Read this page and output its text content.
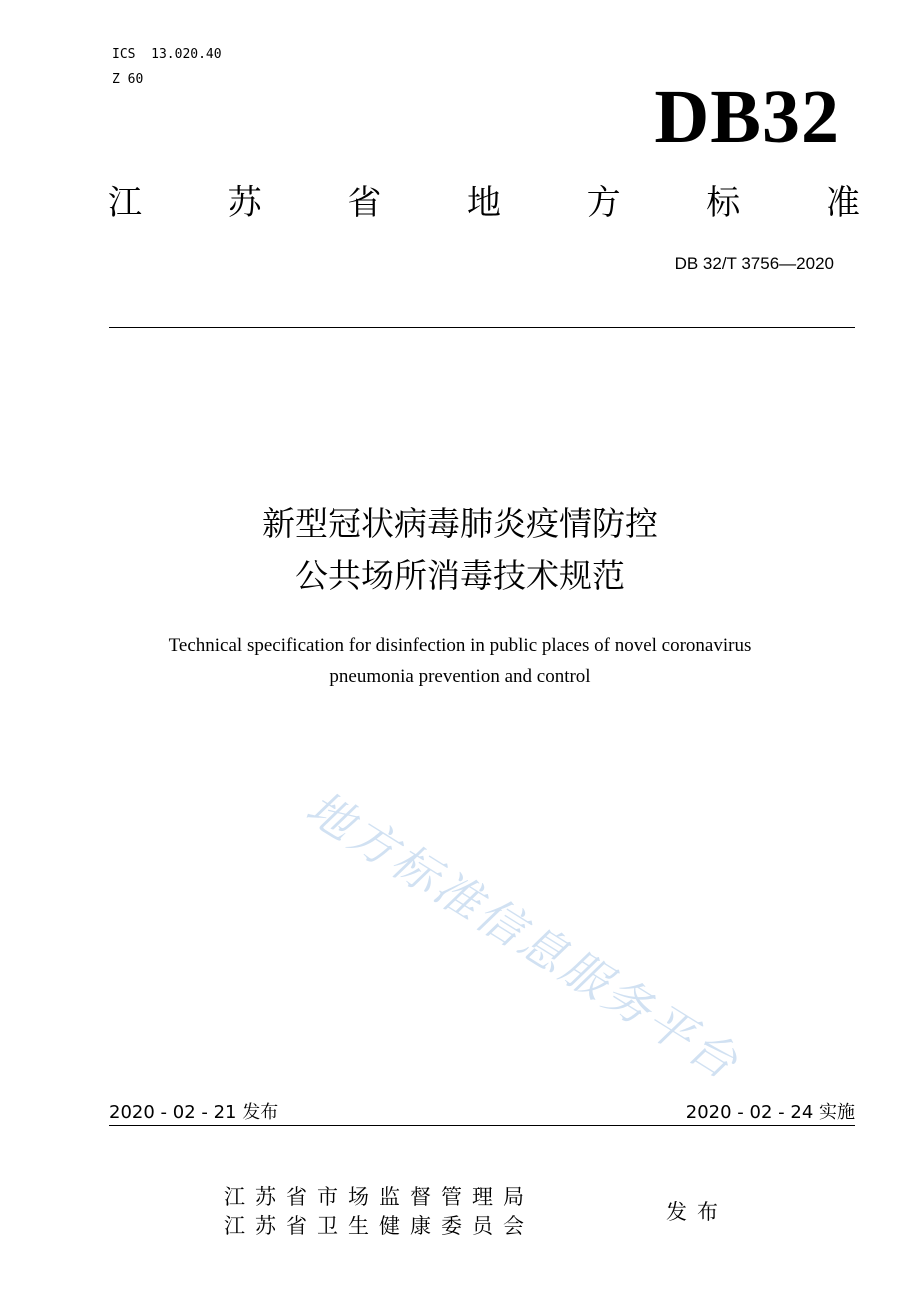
ICS  13.020.40
Z 60	DB32
江	苏	省	地	方	标	准
DB 32/T 3756—2020
新型冠状病毒肺炎疫情防控
公共场所消毒技术规范
Technical specification for disinfection in public places of novel coronavirus
pneumonia prevention and control
地方标准信息服务平台
2020 - 02 - 21 发布	2020 - 02 - 24 实施
江苏省市场监督管理局
江苏省卫生健康委员会
发布
